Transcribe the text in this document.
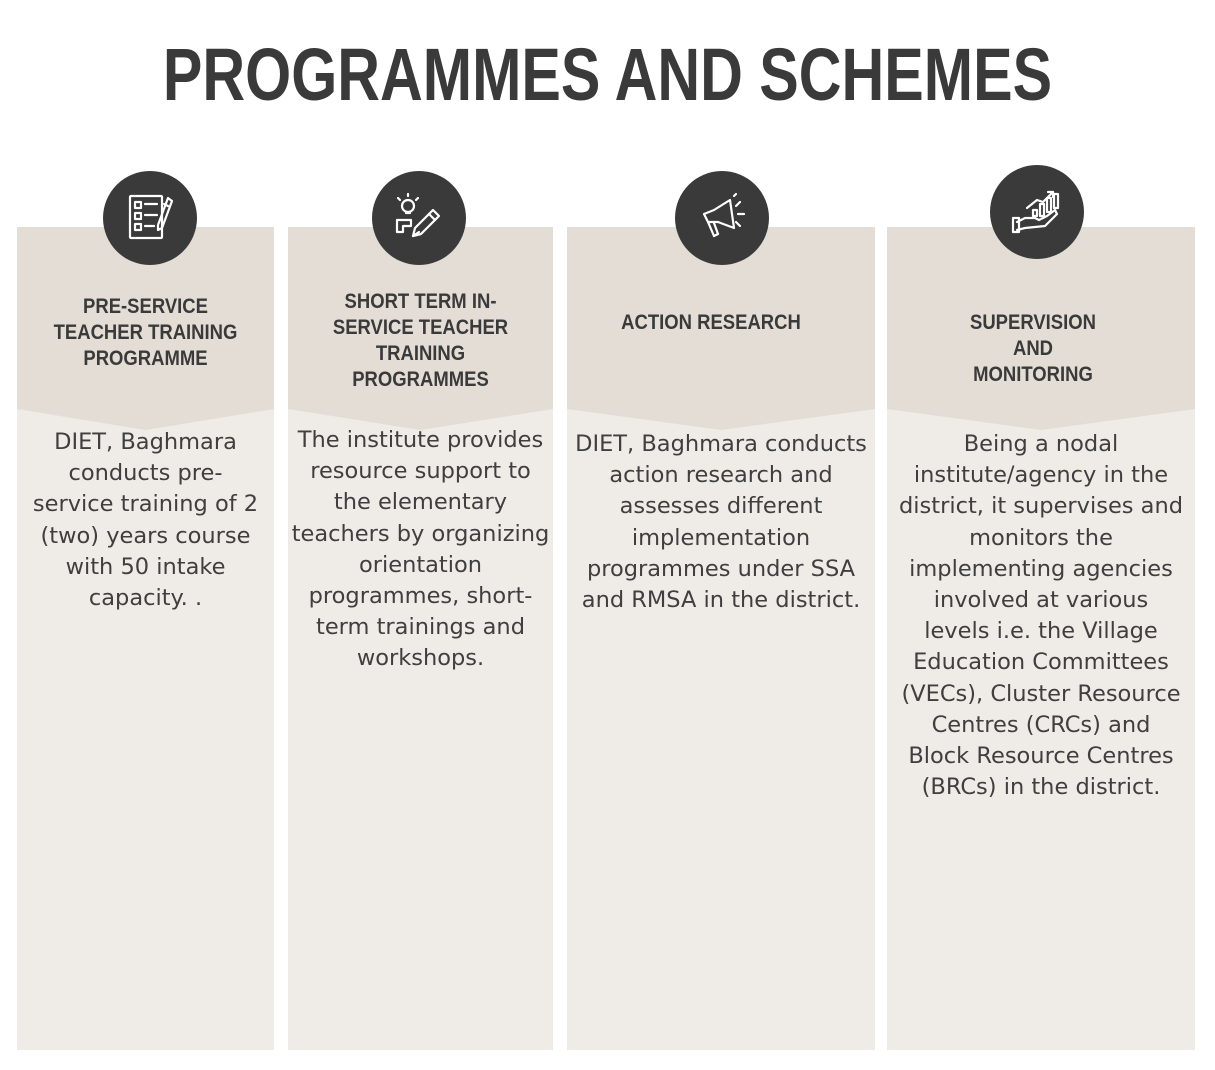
PROGRAMMES AND SCHEMES
PRE-SERVICE TEACHER TRAINING PROGRAMME
DIET, Baghmara conducts pre-service training of 2 (two) years course with 50 intake capacity. .
SHORT TERM IN-SERVICE TEACHER TRAINING PROGRAMMES
The institute provides resource support to the elementary teachers by organizing orientation programmes, short-term trainings and workshops.
ACTION RESEARCH
DIET, Baghmara conducts action research and assesses different implementation programmes under SSA and RMSA in the district.
SUPERVISION AND MONITORING
Being a nodal institute/agency in the district, it supervises and monitors the implementing agencies involved at various levels i.e. the Village Education Committees (VECs), Cluster Resource Centres (CRCs) and Block Resource Centres (BRCs) in the district.
